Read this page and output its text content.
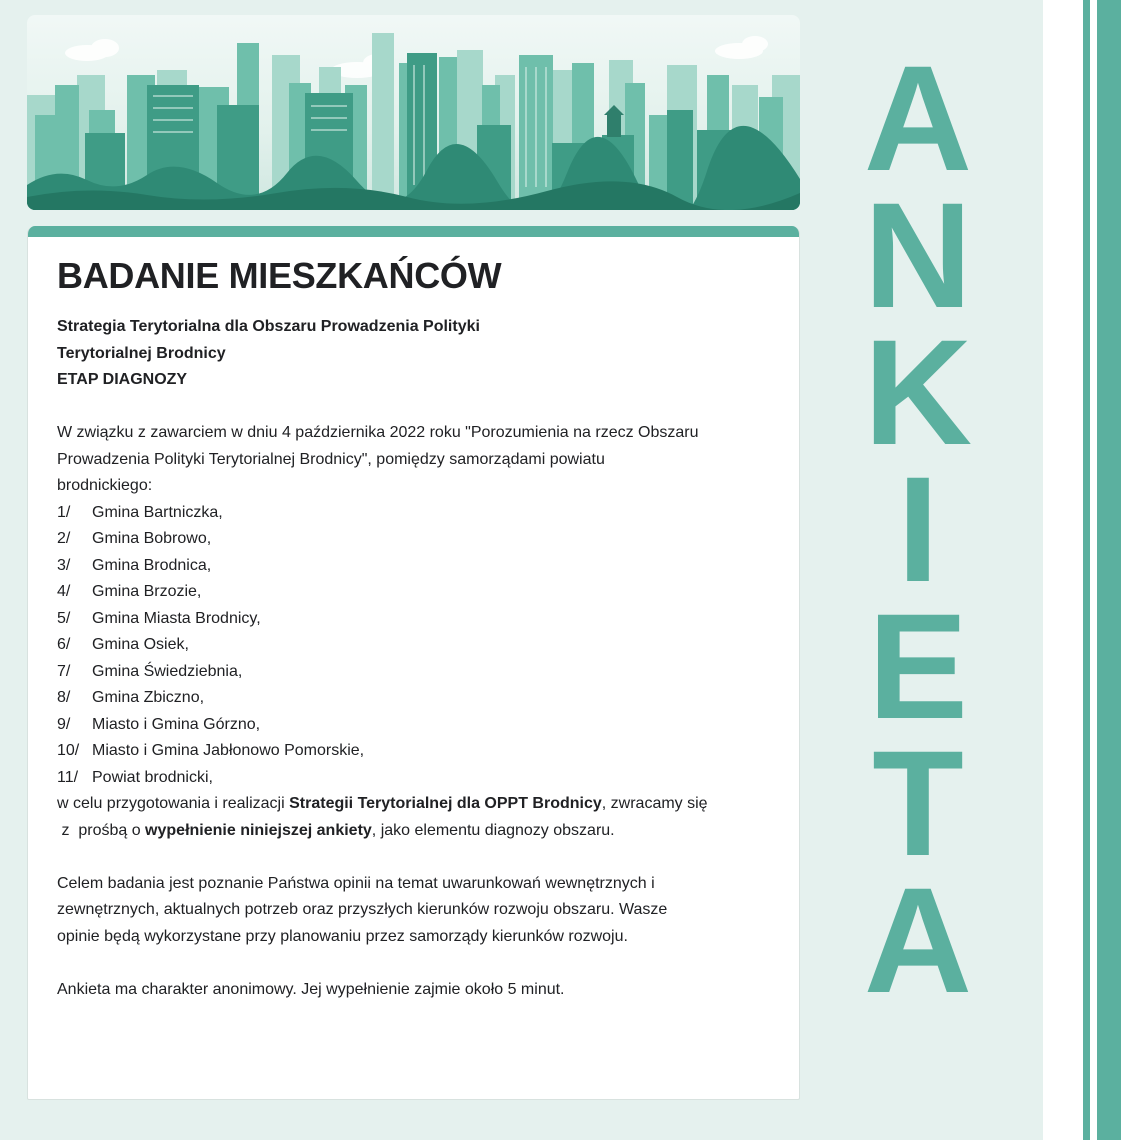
BADANIE MIESZKAŃCÓW
Strategia Terytorialna dla Obszaru Prowadzenia Polityki
Terytorialnej Brodnicy
ETAP DIAGNOZY

W związku z zawarciem w dniu 4 października 2022 roku "Porozumienia na rzecz Obszaru

Prowadzenia Polityki Terytorialnej Brodnicy", pomiędzy samorządami powiatu

brodnickiego:

1/	Gmina Bartniczka,
2/	Gmina Bobrowo,
3/	Gmina Brodnica,
4/	Gmina Brzozie,
5/	Gmina Miasta Brodnicy,
6/	Gmina Osiek,
7/	Gmina Świedziebnia,
8/	Gmina Zbiczno,
9/	Miasto i Gmina Górzno,
10/ Miasto i Gmina Jabłonowo Pomorskie,
11/ Powiat brodnicki,

w celu przygotowania i realizacji Strategii Terytorialnej dla OPPT Brodnicy, zwracamy się

z  prośbą o wypełnienie niniejszej ankiety, jako elementu diagnozy obszaru.

Celem badania jest poznanie Państwa opinii na temat uwarunkowań wewnętrznych i

zewnętrznych, aktualnych potrzeb oraz przyszłych kierunków rozwoju obszaru. Wasze

opinie będą wykorzystane przy planowaniu przez samorządy kierunków rozwoju.

Ankieta ma charakter anonimowy. Jej wypełnienie zajmie około 5 minut.

A
N
K
I
E
T
A
